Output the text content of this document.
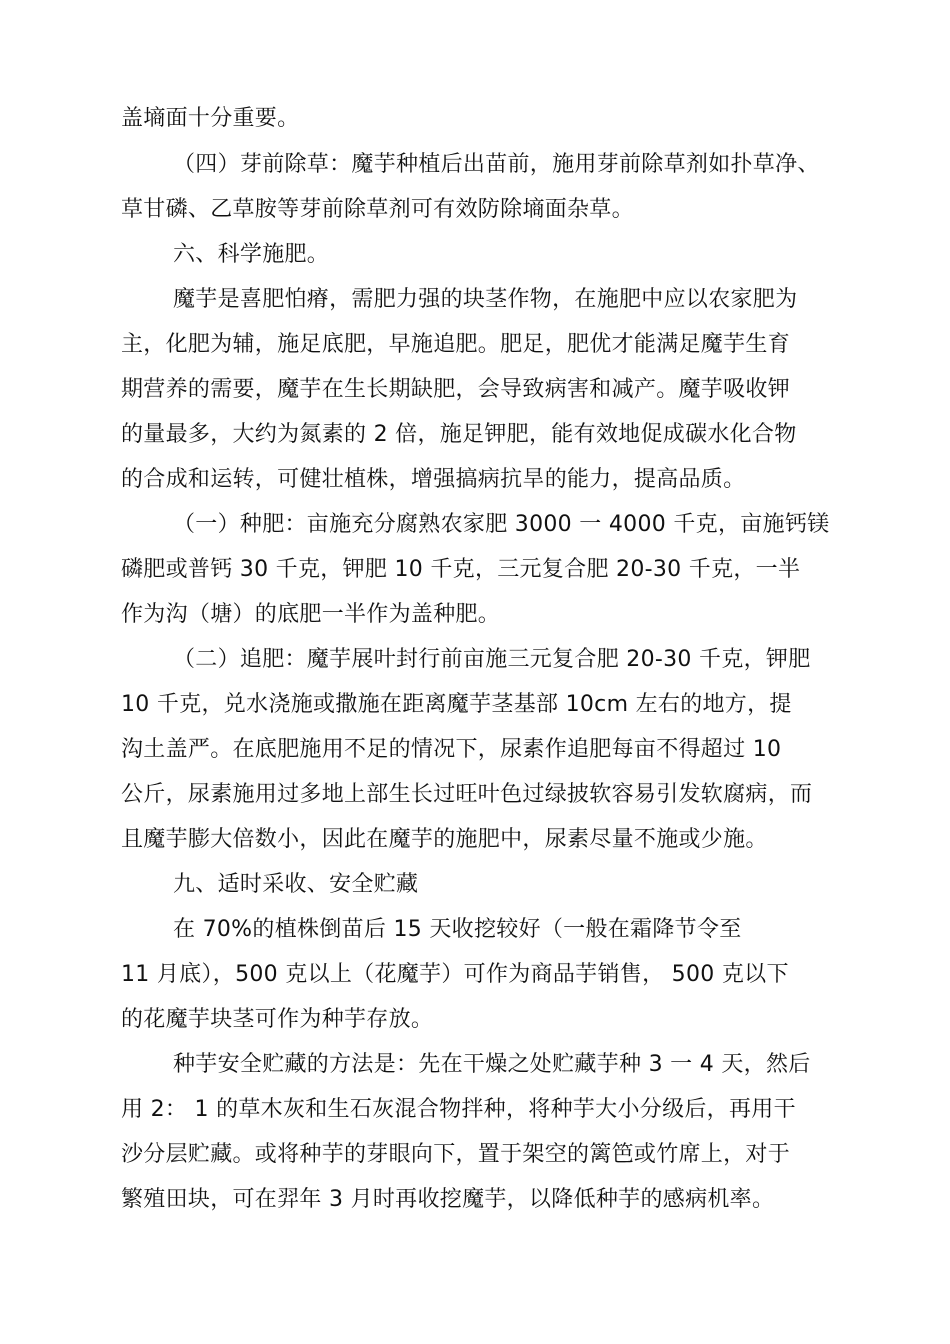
盖墒面十分重要。
（四）芽前除草：魔芋种植后出苗前，施用芽前除草剂如扑草净、
草甘磷、乙草胺等芽前除草剂可有效防除墒面杂草。
六、科学施肥。
魔芋是喜肥怕瘠，需肥力强的块茎作物，在施肥中应以农家肥为
主，化肥为辅，施足底肥，早施追肥。肥足，肥优才能满足魔芋生育
期营养的需要，魔芋在生长期缺肥，会导致病害和减产。魔芋吸收钾
的量最多，大约为氮素的 2 倍，施足钾肥，能有效地促成碳水化合物
的合成和运转，可健壮植株，增强搞病抗旱的能力，提高品质。
（一）种肥：亩施充分腐熟农家肥 3000 一 4000 千克，亩施钙镁
磷肥或普钙 30 千克，钾肥 10 千克，三元复合肥 20-30 千克，一半
作为沟（塘）的底肥一半作为盖种肥。
（二）追肥：魔芋展叶封行前亩施三元复合肥 20-30 千克，钾肥
10 千克，兑水浇施或撒施在距离魔芋茎基部 10cm 左右的地方，提
沟土盖严。在底肥施用不足的情况下，尿素作追肥每亩不得超过 10
公斤，尿素施用过多地上部生长过旺叶色过绿披软容易引发软腐病，而
且魔芋膨大倍数小，因此在魔芋的施肥中，尿素尽量不施或少施。
九、适时采收、安全贮藏
在 70%的植株倒苗后 15 天收挖较好（一般在霜降节令至
11 月底），500 克以上（花魔芋）可作为商品芋销售， 500 克以下
的花魔芋块茎可作为种芋存放。
种芋安全贮藏的方法是：先在干燥之处贮藏芋种 3 一 4 天，然后
用 2： 1 的草木灰和生石灰混合物拌种，将种芋大小分级后，再用干
沙分层贮藏。或将种芋的芽眼向下，置于架空的篱笆或竹席上，对于
繁殖田块，可在羿年 3 月时再收挖魔芋，以降低种芋的感病机率。
